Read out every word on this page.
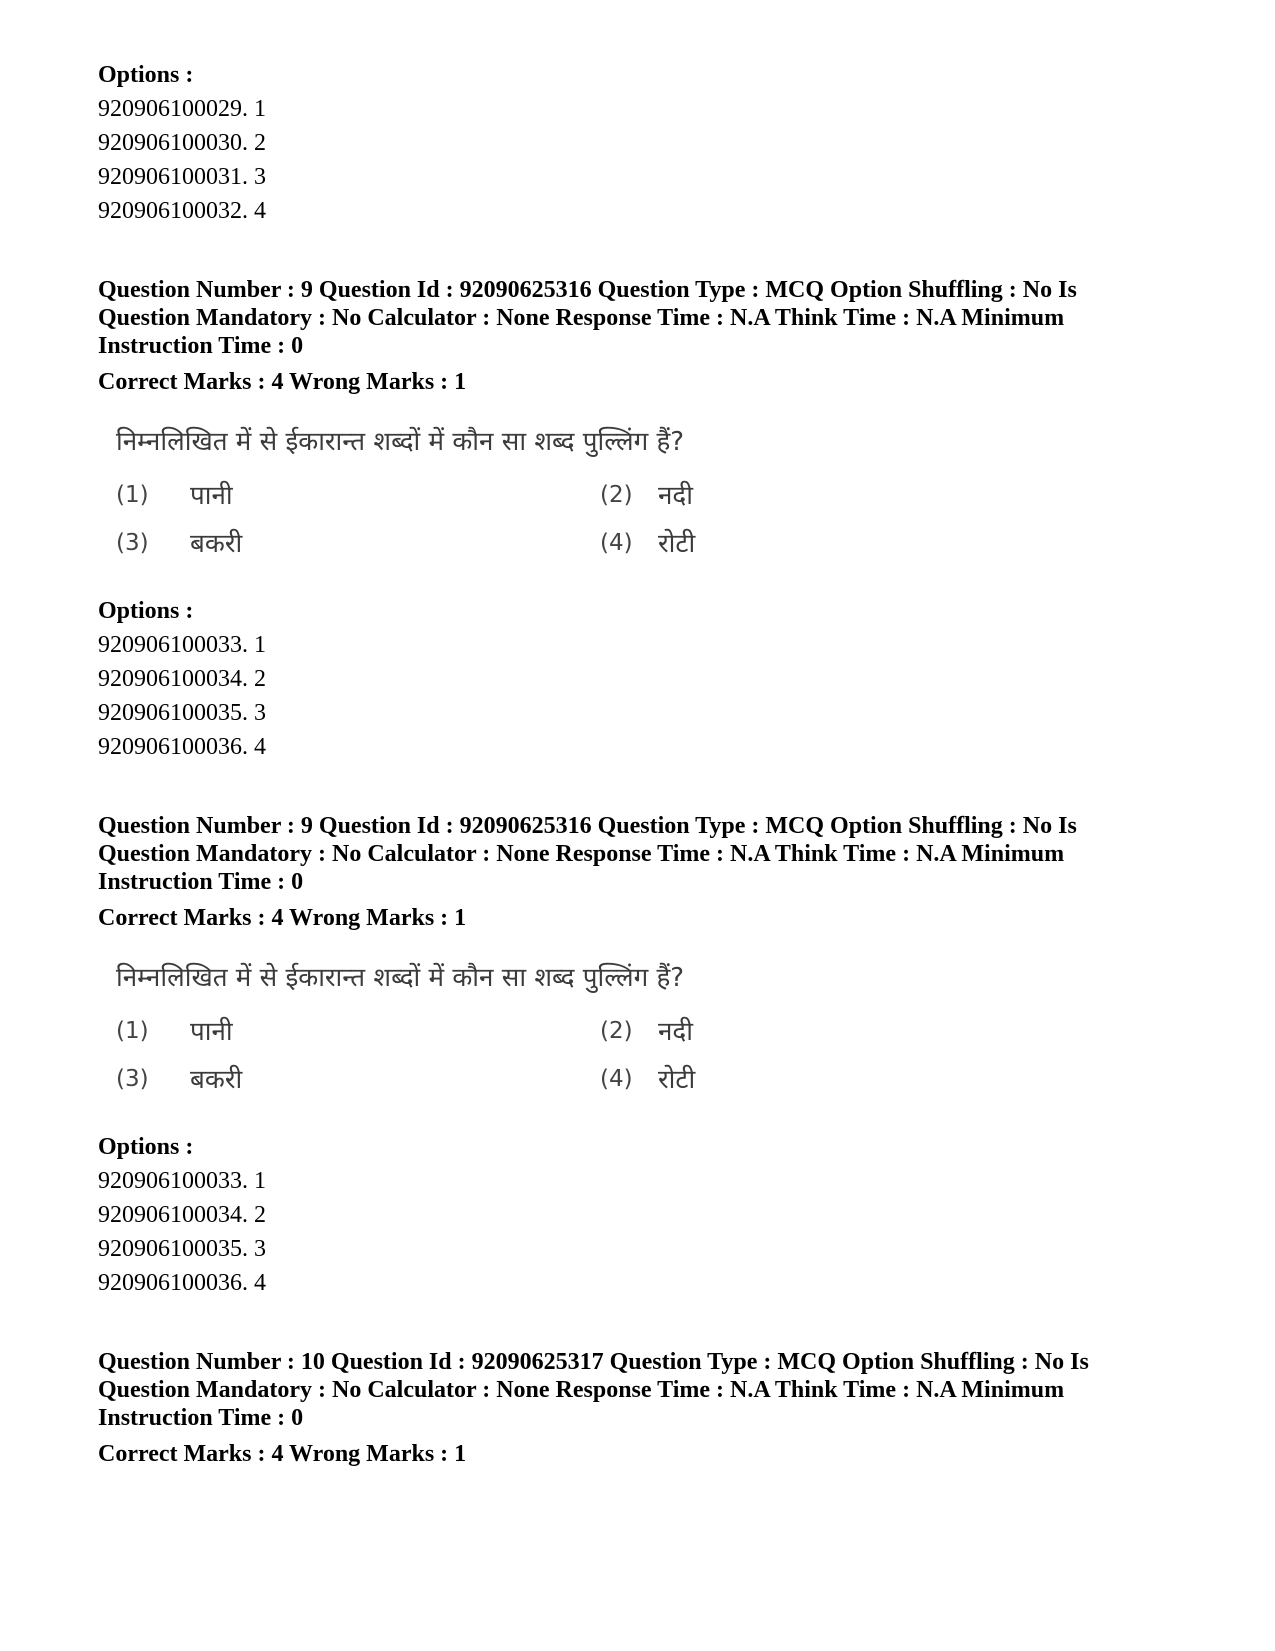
Options :

920906100029. 1

920906100030. 2

920906100031. 3

920906100032. 4

Question Number : 9 Question Id : 92090625316 Question Type : MCQ Option Shuffling : No Is

Question Mandatory : No Calculator : None Response Time : N.A Think Time : N.A Minimum

Instruction Time : 0

Correct Marks : 4 Wrong Marks : 1

निम्नलिखित में से ईकारान्त शब्दों में कौन सा शब्द पुल्लिंग हैं?
(1) पानी	(2) नदी
(3) बकरी	(4) रोटी

Options :

920906100033. 1

920906100034. 2

920906100035. 3

920906100036. 4

Question Number : 9 Question Id : 92090625316 Question Type : MCQ Option Shuffling : No Is

Question Mandatory : No Calculator : None Response Time : N.A Think Time : N.A Minimum

Instruction Time : 0

Correct Marks : 4 Wrong Marks : 1

निम्नलिखित में से ईकारान्त शब्दों में कौन सा शब्द पुल्लिंग हैं?
(1) पानी	(2) नदी
(3) बकरी	(4) रोटी

Options :

920906100033. 1

920906100034. 2

920906100035. 3

920906100036. 4

Question Number : 10 Question Id : 92090625317 Question Type : MCQ Option Shuffling : No Is

Question Mandatory : No Calculator : None Response Time : N.A Think Time : N.A Minimum

Instruction Time : 0

Correct Marks : 4 Wrong Marks : 1
